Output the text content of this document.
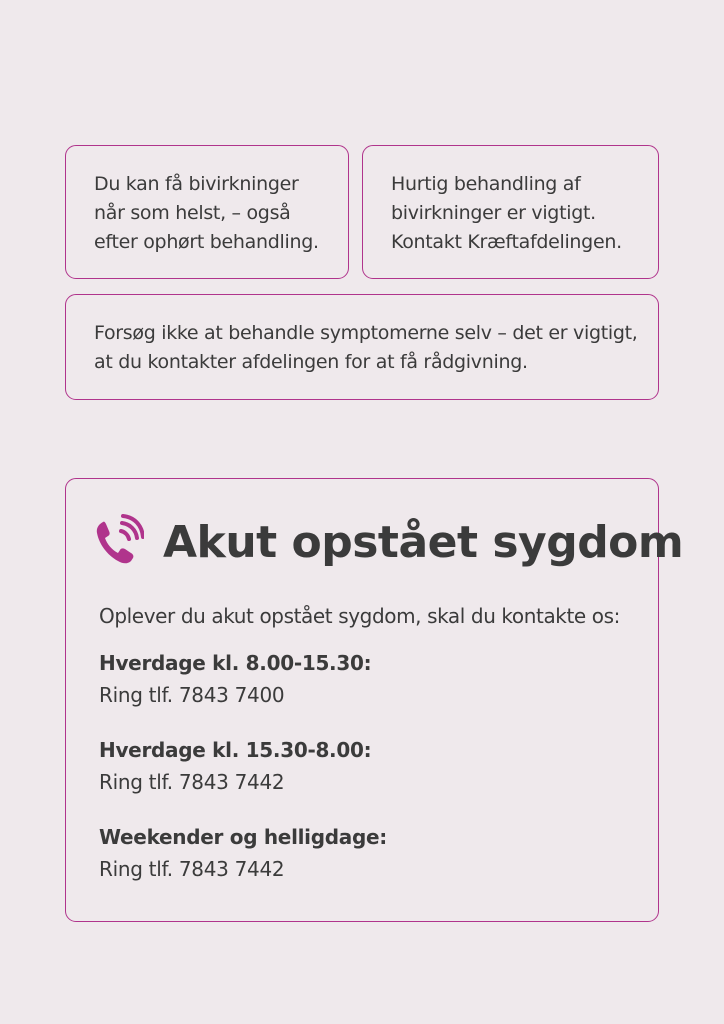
Du kan få bivirkninger
når som helst, – også
efter ophørt behandling.

Hurtig behandling af
bivirkninger er vigtigt.
Kontakt Kræftafdelingen.

Forsøg ikke at behandle symptomerne selv – det er vigtigt,
at du kontakter afdelingen for at få rådgivning.

Akut opstået sygdom

Oplever du akut opstået sygdom, skal du kontakte os:

Hverdage kl. 8.00-15.30:
Ring tlf. 7843 7400

Hverdage kl. 15.30-8.00:
Ring tlf. 7843 7442

Weekender og helligdage:
Ring tlf. 7843 7442
